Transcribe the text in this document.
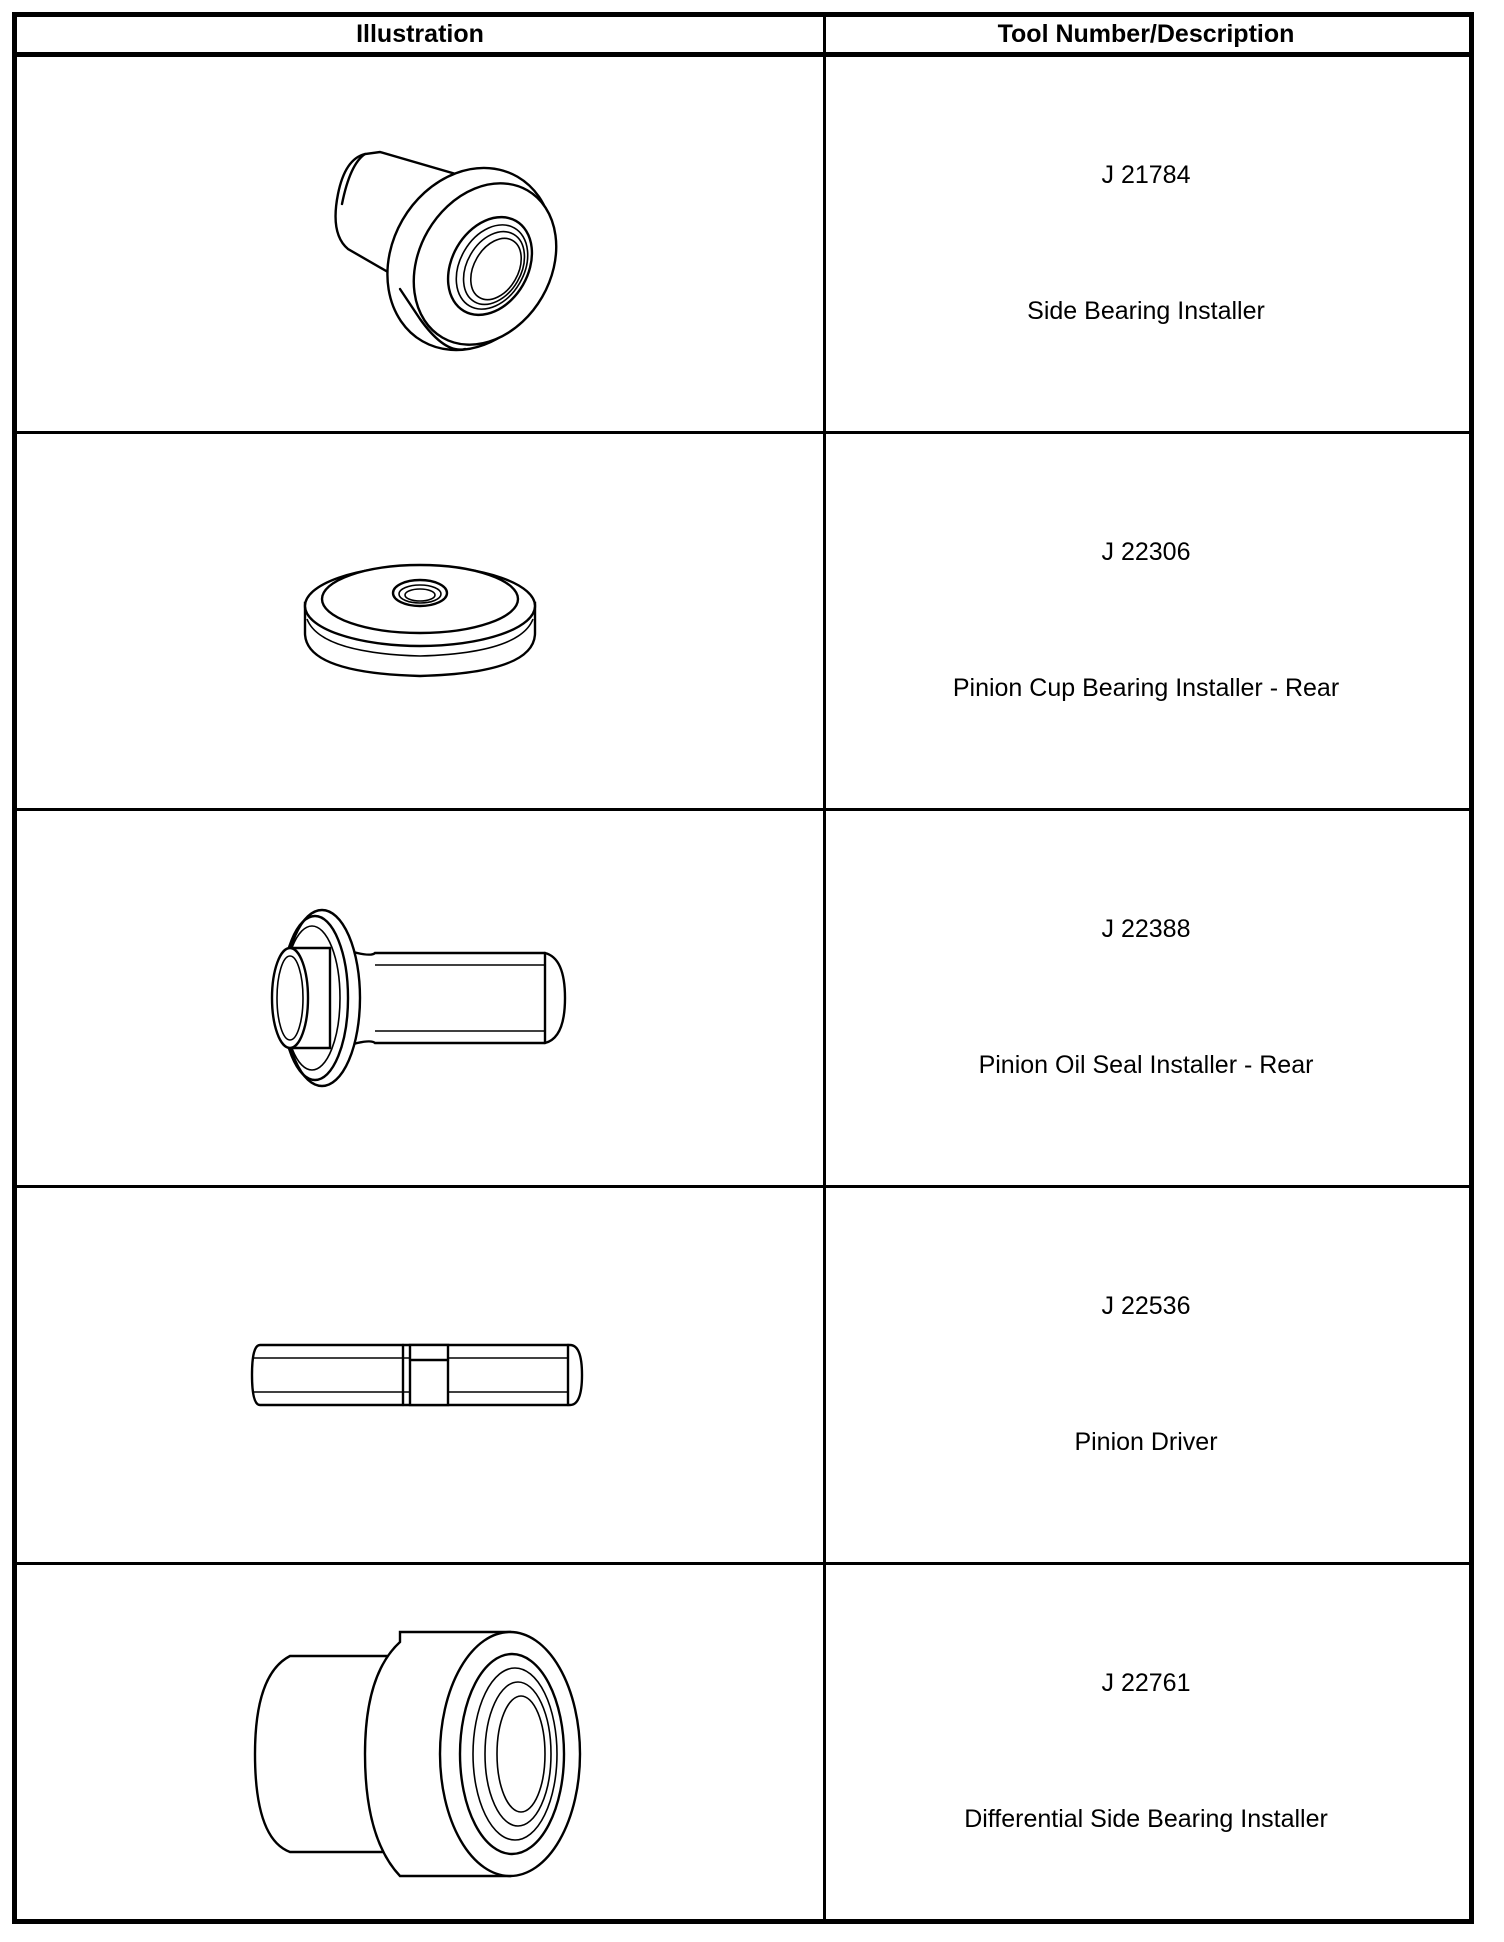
Illustration	Tool Number/Description
J 21784
Side Bearing Installer
J 22306
Pinion Cup Bearing Installer - Rear
J 22388
Pinion Oil Seal Installer - Rear
J 22536
Pinion Driver
J 22761
Differential Side Bearing Installer
